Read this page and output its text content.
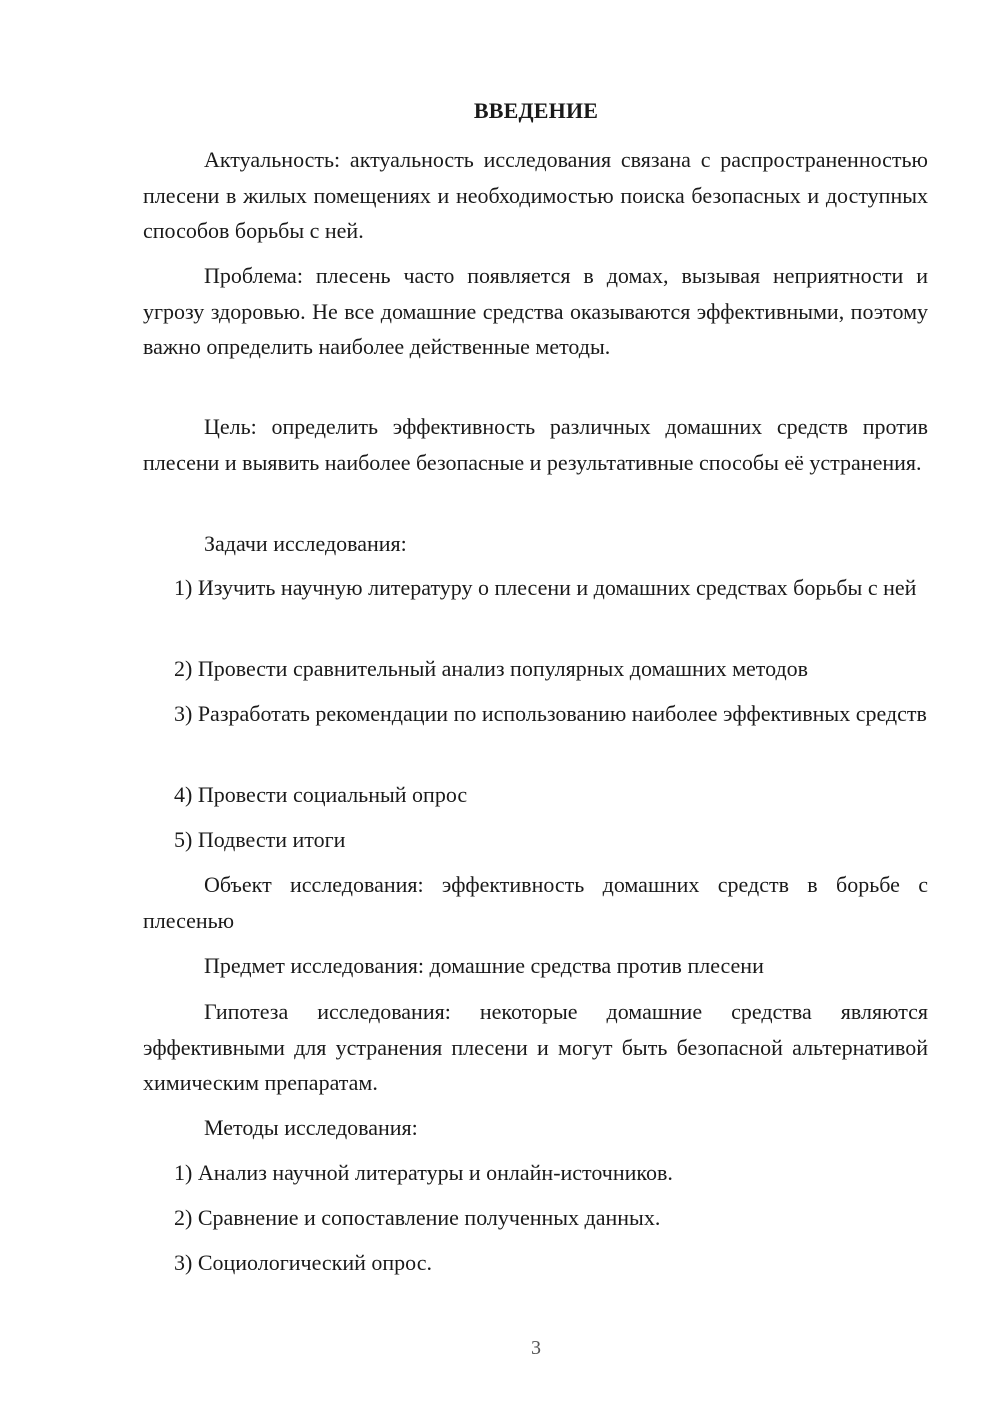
ВВЕДЕНИЕ

Актуальность: актуальность исследования связана с распространенностью плесени в жилых помещениях и необходимостью поиска безопасных и доступных способов борьбы с ней.

Проблема: плесень часто появляется в домах, вызывая неприятности и угрозу здоровью. Не все домашние средства оказываются эффективными, поэтому важно определить наиболее действенные методы.

Цель: определить эффективность различных домашних средств против плесени и выявить наиболее безопасные и результативные способы её устранения.

Задачи исследования:

1) Изучить научную литературу о плесени и домашних средствах борьбы с ней

2) Провести сравнительный анализ популярных домашних методов

3) Разработать рекомендации по использованию наиболее эффективных средств

4) Провести социальный опрос

5) Подвести итоги

Объект исследования: эффективность домашних средств в борьбе с плесенью

Предмет исследования: домашние средства против плесени

Гипотеза исследования: некоторые домашние средства являются эффективными для устранения плесени и могут быть безопасной альтернативой химическим препаратам.

Методы исследования:

1) Анализ научной литературы и онлайн-источников.

2) Сравнение и сопоставление полученных данных.

3) Социологический опрос.

3
